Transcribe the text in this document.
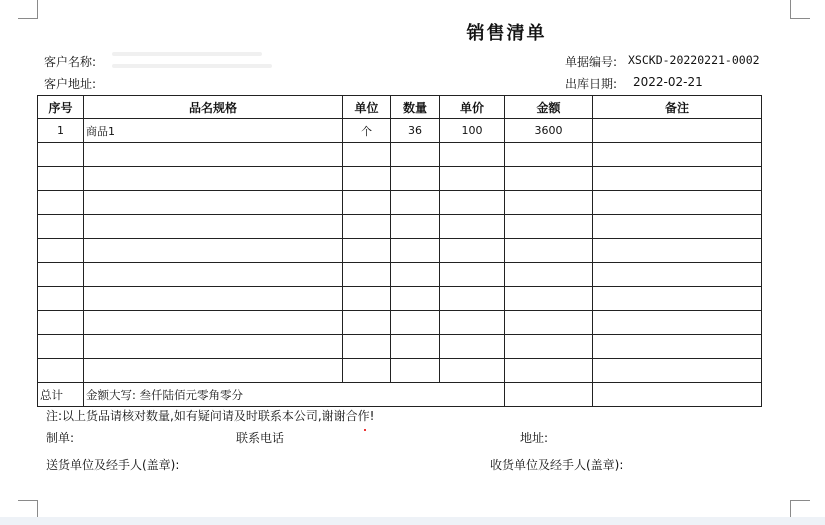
销售清单
客户名称:
客户地址:
单据编号: XSCKD-20220221-0002
出库日期: 2022-02-21
序号	品名规格	单位	数量	单价	金额	备注
1	商品1	个	36	100	3600	

总计	金额大写: 叁仟陆佰元零角零分					
注:以上货品请核对数量,如有疑问请及时联系本公司,谢谢合作!
制单:	联系电话	地址:
送货单位及经手人(盖章):	收货单位及经手人(盖章):
